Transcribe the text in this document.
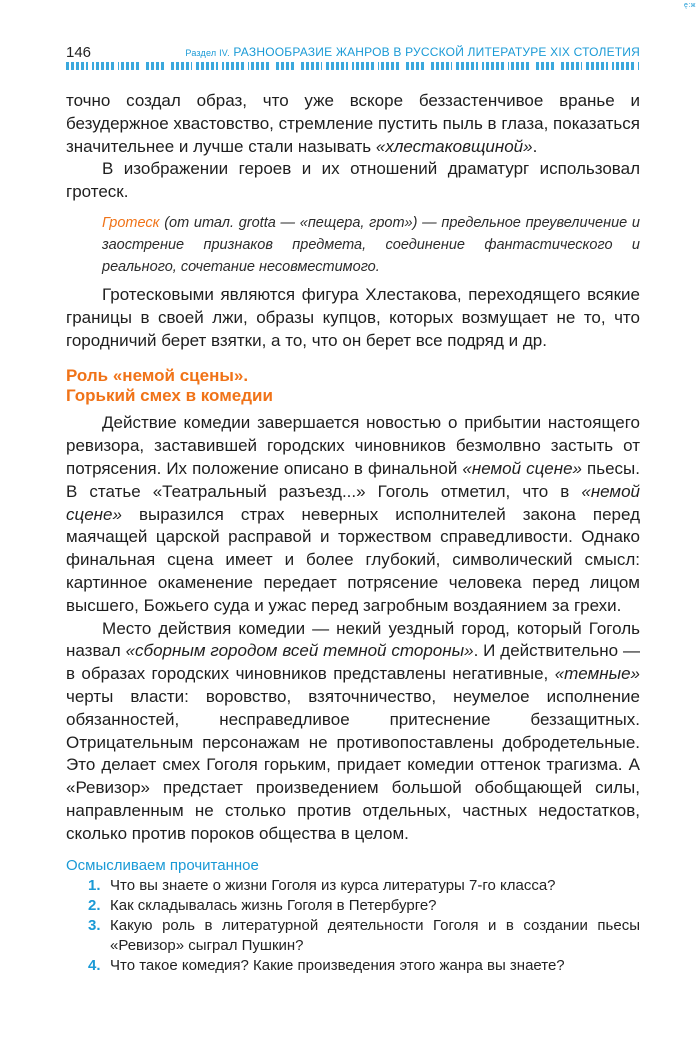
ę:ж
146	Раздел IV. РАЗНООБРАЗИЕ ЖАНРОВ В РУССКОЙ ЛИТЕРАТУРЕ XIX СТОЛЕТИЯ

точно создал образ, что уже вскоре беззастенчивое вранье и безудержное хвастовство, стремление пустить пыль в глаза, показаться значительнее и лучше стали называть «хлестаковщиной».

В изображении героев и их отношений драматург использовал гротеск.

Гротеск (от итал. grotta — «пещера, грот») — предельное преувеличение и заострение признаков предмета, соединение фантастического и реального, сочетание несовместимого.

Гротесковыми являются фигура Хлестакова, переходящего всякие границы в своей лжи, образы купцов, которых возмущает не то, что городничий берет взятки, а то, что он берет все подряд и др.

Роль «немой сцены».
Горький смех в комедии

Действие комедии завершается новостью о прибытии настоящего ревизора, заставившей городских чиновников безмолвно застыть от потрясения. Их положение описано в финальной «немой сцене» пьесы. В статье «Театральный разъезд...» Гоголь отметил, что в «немой сцене» выразился страх неверных исполнителей закона перед маячащей царской расправой и торжеством справедливости. Однако финальная сцена имеет и более глубокий, символический смысл: картинное окаменение передает потрясение человека перед лицом высшего, Божьего суда и ужас перед загробным воздаянием за грехи.

Место действия комедии — некий уездный город, который Гоголь назвал «сборным городом всей темной стороны». И действительно — в образах городских чиновников представлены негативные, «темные» черты власти: воровство, взяточничество, неумелое исполнение обязанностей, несправедливое притеснение беззащитных. Отрицательным персонажам не противопоставлены добродетельные. Это делает смех Гоголя горьким, придает комедии оттенок трагизма. А «Ревизор» предстает произведением большой обобщающей силы, направленным не столько против отдельных, частных недостатков, сколько против пороков общества в целом.

Осмысливаем прочитанное
1. Что вы знаете о жизни Гоголя из курса литературы 7-го класса?
2. Как складывалась жизнь Гоголя в Петербурге?
3. Какую роль в литературной деятельности Гоголя и в создании пьесы «Ревизор» сыграл Пушкин?
4. Что такое комедия? Какие произведения этого жанра вы знаете?
